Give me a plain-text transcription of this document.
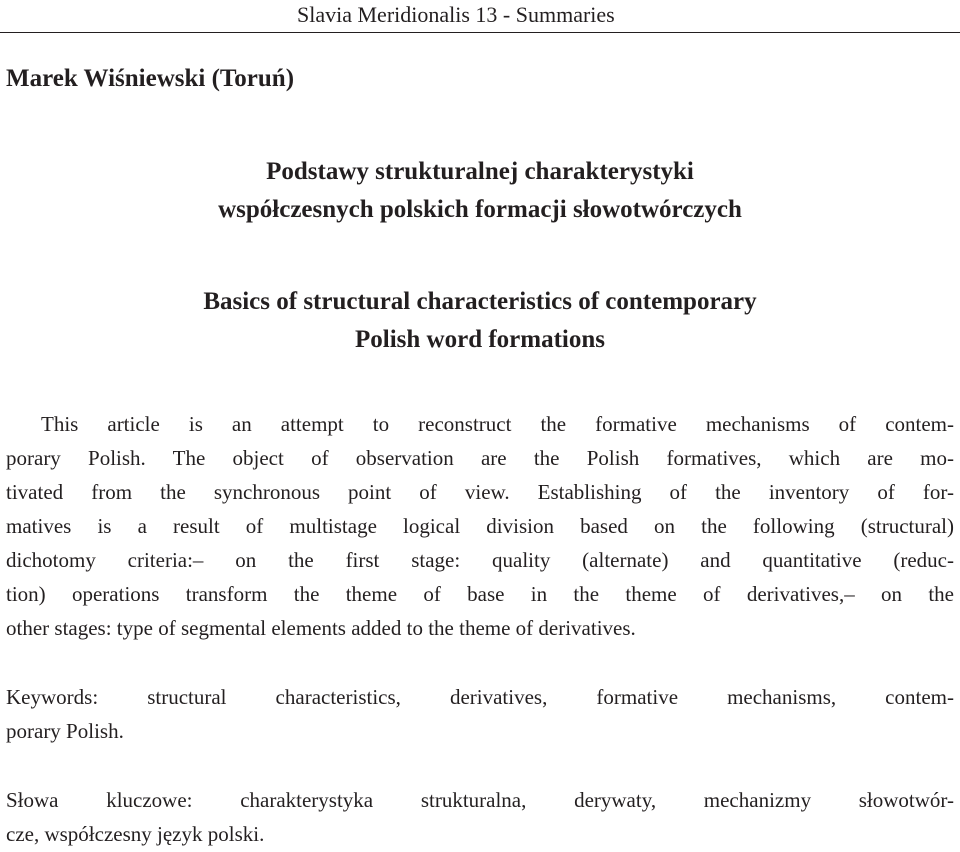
Slavia Meridionalis 13 - Summaries
Marek Wiśniewski (Toruń)
Podstawy strukturalnej charakterystyki
współczesnych polskich formacji słowotwórczych
Basics of structural characteristics of contemporary
Polish word formations
This article is an attempt to reconstruct the formative mechanisms of contem-
porary Polish. The object of observation are the Polish formatives, which are mo-
tivated from the synchronous point of view. Establishing of the inventory of for-
matives is a result of multistage logical division based on the following (structural)
dichotomy criteria:– on the first stage: quality (alternate) and quantitative (reduc-
tion) operations transform the theme of base in the theme of derivatives,– on the
other stages: type of segmental elements added to the theme of derivatives.
Keywords: structural characteristics, derivatives, formative mechanisms, contem-
porary Polish.
Słowa kluczowe: charakterystyka strukturalna, derywaty, mechanizmy słowotwór-
cze, współczesny język polski.
